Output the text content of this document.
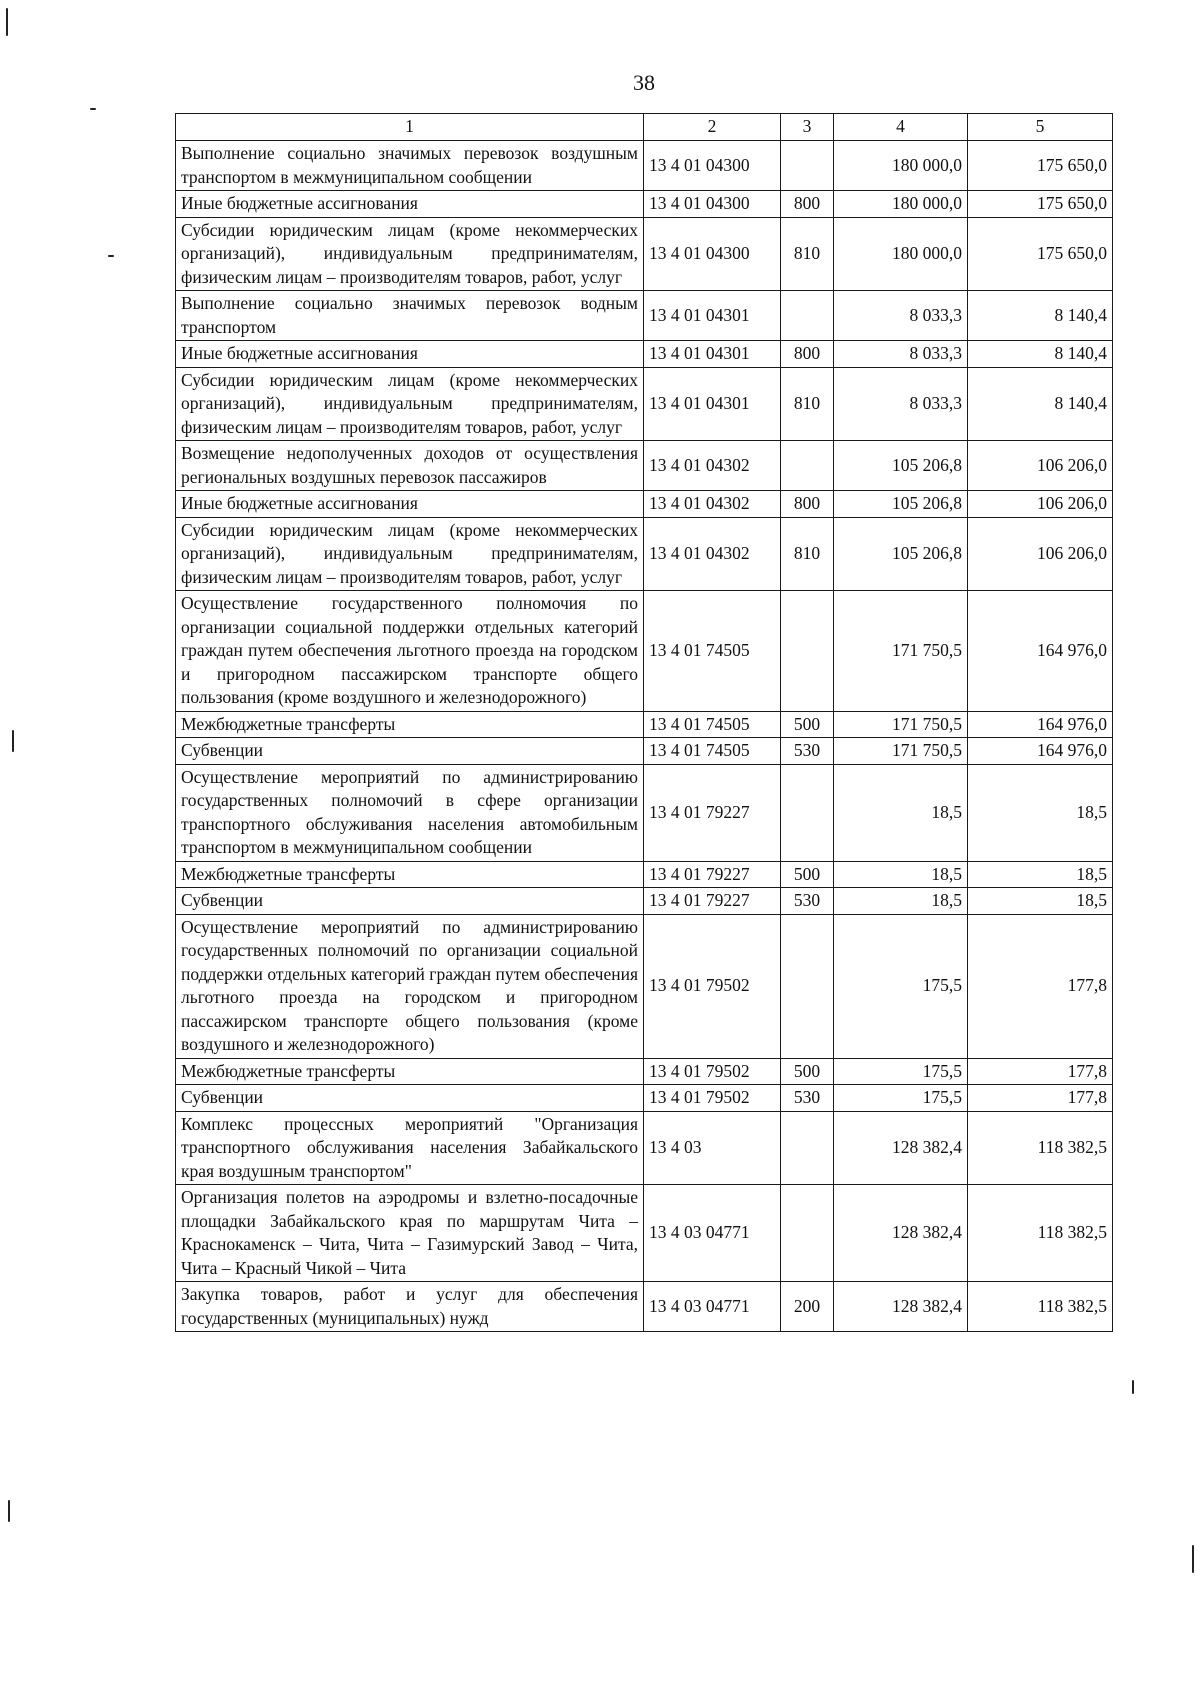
38
1	2	3	4	5
Выполнение социально значимых перевозок воздушным транспортом в межмуниципальном сообщении	13 4 01 04300		180 000,0	175 650,0
Иные бюджетные ассигнования	13 4 01 04300	800	180 000,0	175 650,0
Субсидии юридическим лицам (кроме некоммерческих организаций), индивидуальным предпринимателям, физическим лицам – производителям товаров, работ, услуг	13 4 01 04300	810	180 000,0	175 650,0
Выполнение социально значимых перевозок водным транспортом	13 4 01 04301		8 033,3	8 140,4
Иные бюджетные ассигнования	13 4 01 04301	800	8 033,3	8 140,4
Субсидии юридическим лицам (кроме некоммерческих организаций), индивидуальным предпринимателям, физическим лицам – производителям товаров, работ, услуг	13 4 01 04301	810	8 033,3	8 140,4
Возмещение недополученных доходов от осуществления региональных воздушных перевозок пассажиров	13 4 01 04302		105 206,8	106 206,0
Иные бюджетные ассигнования	13 4 01 04302	800	105 206,8	106 206,0
Субсидии юридическим лицам (кроме некоммерческих организаций), индивидуальным предпринимателям, физическим лицам – производителям товаров, работ, услуг	13 4 01 04302	810	105 206,8	106 206,0
Осуществление государственного полномочия по организации социальной поддержки отдельных категорий граждан путем обеспечения льготного проезда на городском и пригородном пассажирском транспорте общего пользования (кроме воздушного и железнодорожного)	13 4 01 74505		171 750,5	164 976,0
Межбюджетные трансферты	13 4 01 74505	500	171 750,5	164 976,0
Субвенции	13 4 01 74505	530	171 750,5	164 976,0
Осуществление мероприятий по администрированию государственных полномочий в сфере организации транспортного обслуживания населения автомобильным транспортом в межмуниципальном сообщении	13 4 01 79227		18,5	18,5
Межбюджетные трансферты	13 4 01 79227	500	18,5	18,5
Субвенции	13 4 01 79227	530	18,5	18,5
Осуществление мероприятий по администрированию государственных полномочий по организации социальной поддержки отдельных категорий граждан путем обеспечения льготного проезда на городском и пригородном пассажирском транспорте общего пользования (кроме воздушного и железнодорожного)	13 4 01 79502		175,5	177,8
Межбюджетные трансферты	13 4 01 79502	500	175,5	177,8
Субвенции	13 4 01 79502	530	175,5	177,8
Комплекс процессных мероприятий "Организация транспортного обслуживания населения Забайкальского края воздушным транспортом"	13 4 03		128 382,4	118 382,5
Организация полетов на аэродромы и взлетно-посадочные площадки Забайкальского края по маршрутам Чита – Краснокаменск – Чита, Чита – Газимурский Завод – Чита, Чита – Красный Чикой – Чита	13 4 03 04771		128 382,4	118 382,5
Закупка товаров, работ и услуг для обеспечения государственных (муниципальных) нужд	13 4 03 04771	200	128 382,4	118 382,5
